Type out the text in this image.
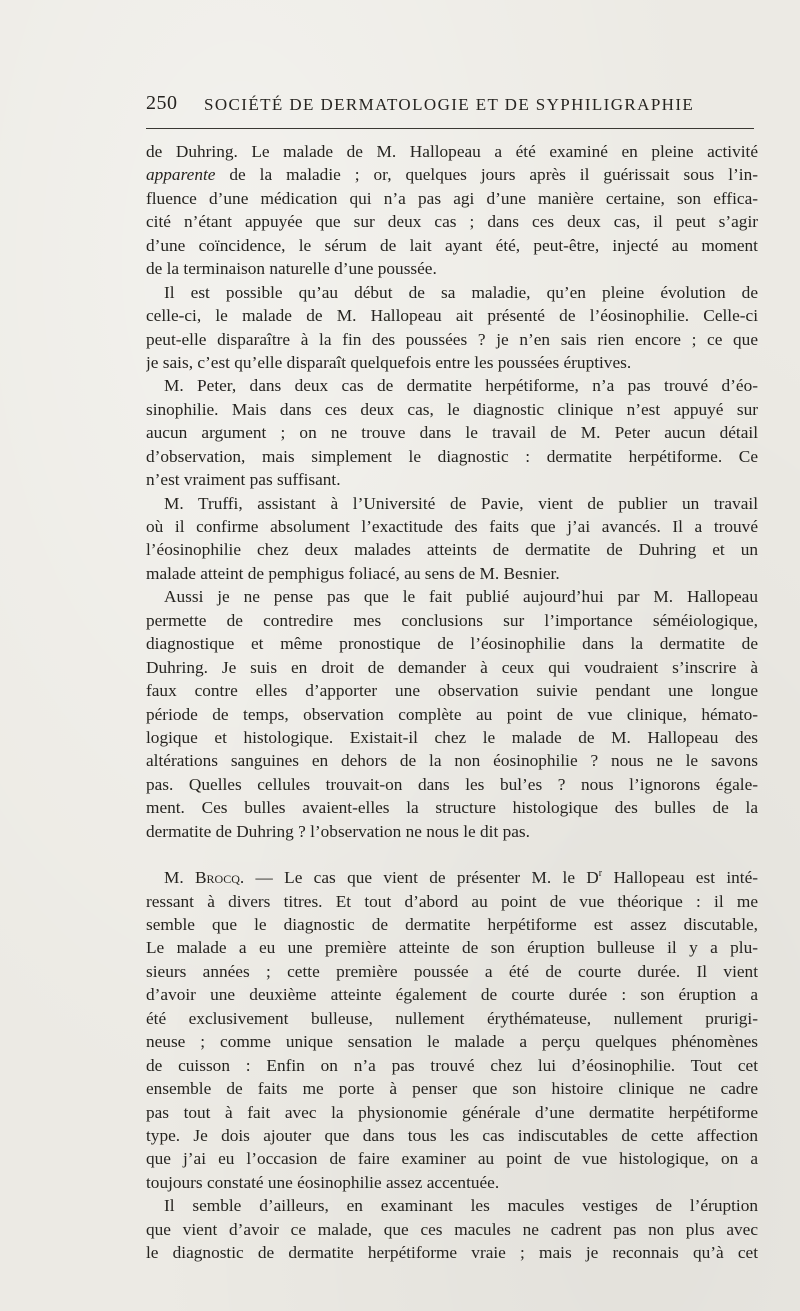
250 SOCIÉTÉ DE DERMATOLOGIE ET DE SYPHILIGRAPHIE
de Duhring. Le malade de M. Hallopeau a été examiné en pleine activité
apparente de la maladie ; or, quelques jours après il guérissait sous l’in-
fluence d’une médication qui n’a pas agi d’une manière certaine, son effica-
cité n’étant appuyée que sur deux cas ; dans ces deux cas, il peut s’agir
d’une coïncidence, le sérum de lait ayant été, peut-être, injecté au moment
de la terminaison naturelle d’une poussée.
Il est possible qu’au début de sa maladie, qu’en pleine évolution de
celle-ci, le malade de M. Hallopeau ait présenté de l’éosinophilie. Celle-ci
peut-elle disparaître à la fin des poussées ? je n’en sais rien encore ; ce que
je sais, c’est qu’elle disparaît quelquefois entre les poussées éruptives.
M. Peter, dans deux cas de dermatite herpétiforme, n’a pas trouvé d’éo-
sinophilie. Mais dans ces deux cas, le diagnostic clinique n’est appuyé sur
aucun argument ; on ne trouve dans le travail de M. Peter aucun détail
d’observation, mais simplement le diagnostic : dermatite herpétiforme. Ce
n’est vraiment pas suffisant.
M. Truffi, assistant à l’Université de Pavie, vient de publier un travail
où il confirme absolument l’exactitude des faits que j’ai avancés. Il a trouvé
l’éosinophilie chez deux malades atteints de dermatite de Duhring et un
malade atteint de pemphigus foliacé, au sens de M. Besnier.
Aussi je ne pense pas que le fait publié aujourd’hui par M. Hallopeau
permette de contredire mes conclusions sur l’importance séméiologique,
diagnostique et même pronostique de l’éosinophilie dans la dermatite de
Duhring. Je suis en droit de demander à ceux qui voudraient s’inscrire à
faux contre elles d’apporter une observation suivie pendant une longue
période de temps, observation complète au point de vue clinique, hémato-
logique et histologique. Existait-il chez le malade de M. Hallopeau des
altérations sanguines en dehors de la non éosinophilie ? nous ne le savons
pas. Quelles cellules trouvait-on dans les bul’es ? nous l’ignorons égale-
ment. Ces bulles avaient-elles la structure histologique des bulles de la
dermatite de Duhring ? l’observation ne nous le dit pas.
M. Brocq. — Le cas que vient de présenter M. le $D^r$ Hallopeau est inté-
ressant à divers titres. Et tout d’abord au point de vue théorique : il me
semble que le diagnostic de dermatite herpétiforme est assez discutable,
Le malade a eu une première atteinte de son éruption bulleuse il y a plu-
sieurs années ; cette première poussée a été de courte durée. Il vient
d’avoir une deuxième atteinte également de courte durée : son éruption a
été exclusivement bulleuse, nullement érythémateuse, nullement prurigi-
neuse ; comme unique sensation le malade a perçu quelques phénomènes
de cuisson : Enfin on n’a pas trouvé chez lui d’éosinophilie. Tout cet
ensemble de faits me porte à penser que son histoire clinique ne cadre
pas tout à fait avec la physionomie générale d’une dermatite herpétiforme
type. Je dois ajouter que dans tous les cas indiscutables de cette affection
que j’ai eu l’occasion de faire examiner au point de vue histologique, on a
toujours constaté une éosinophilie assez accentuée.
Il semble d’ailleurs, en examinant les macules vestiges de l’éruption
que vient d’avoir ce malade, que ces macules ne cadrent pas non plus avec
le diagnostic de dermatite herpétiforme vraie ; mais je reconnais qu’à cet
